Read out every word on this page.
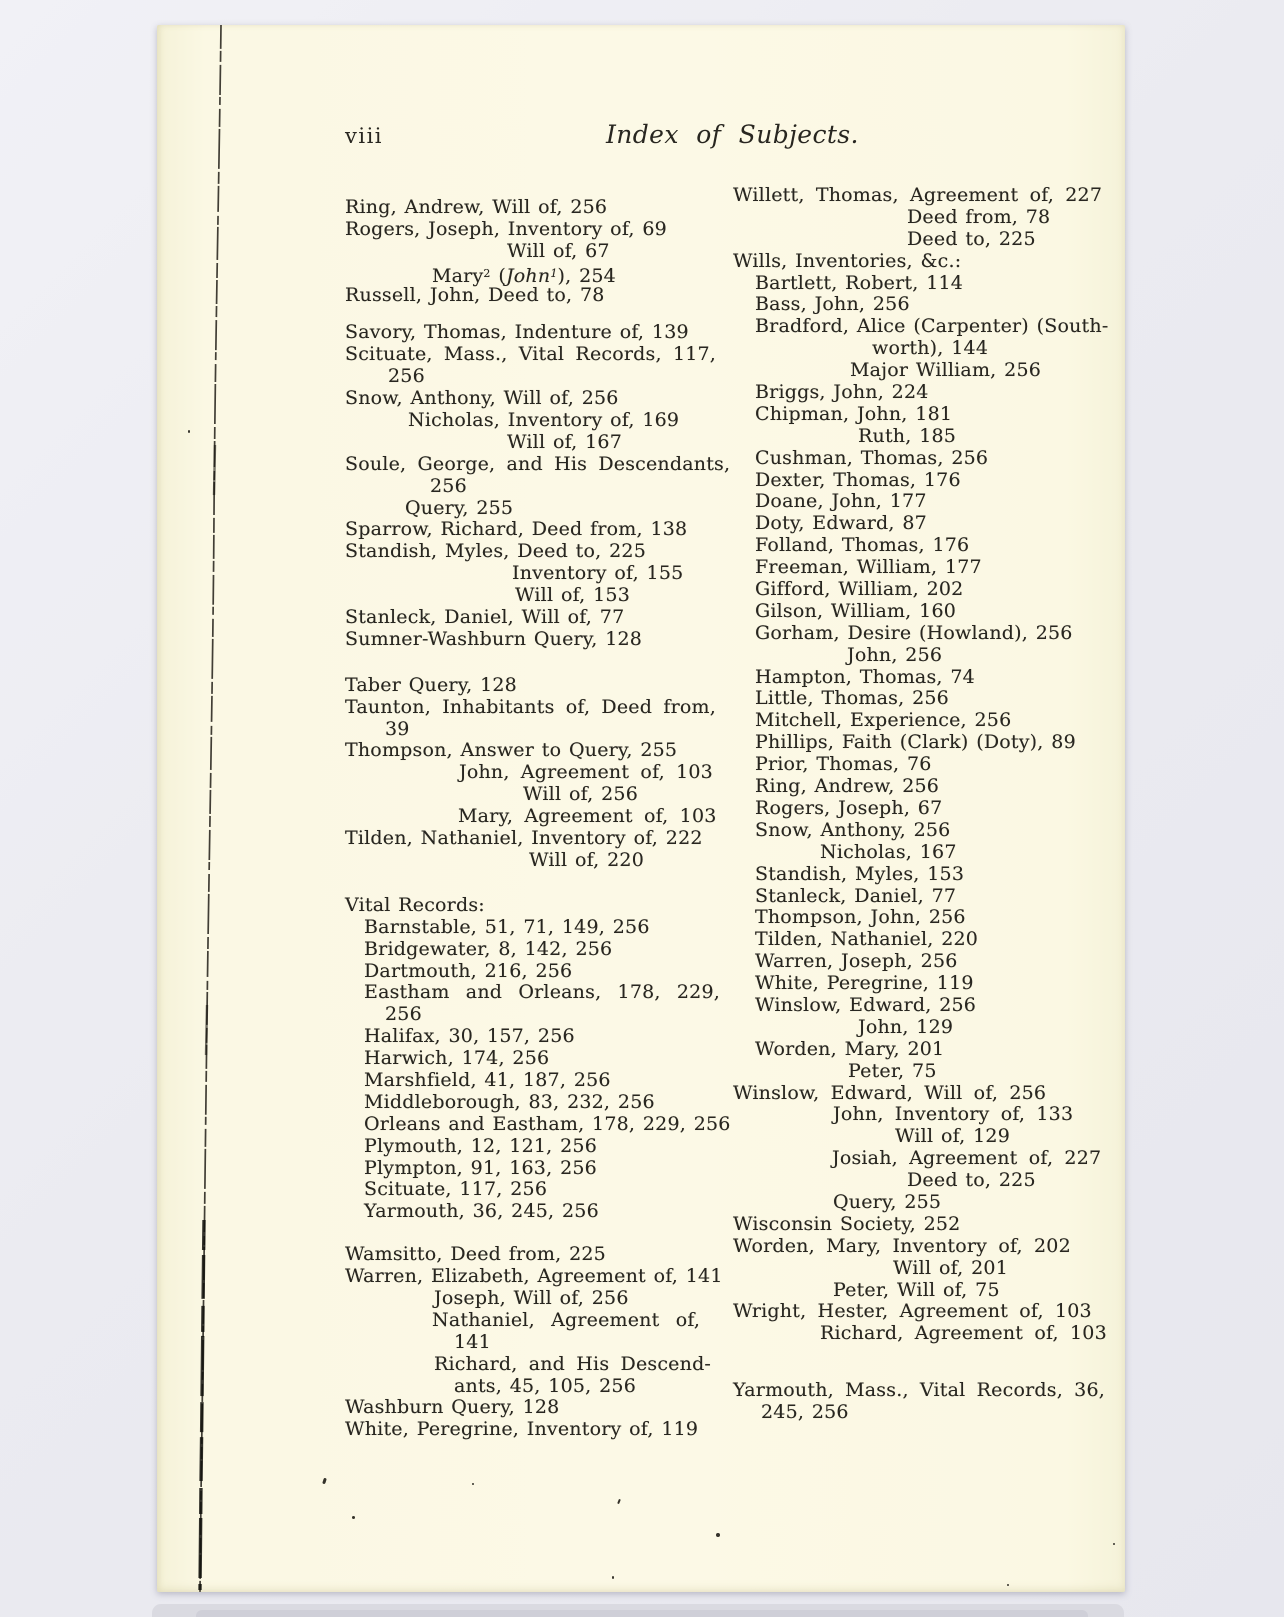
viii	Index of Subjects.
Ring, Andrew, Will of, 256
Rogers, Joseph, Inventory of, 69
Will of, 67
Mary$^2$ (John$^1$), 254
Russell, John, Deed to, 78
Savory, Thomas, Indenture of, 139
Scituate, Mass., Vital Records, 117,
256
Snow, Anthony, Will of, 256
Nicholas, Inventory of, 169
Will of, 167
Soule, George, and His Descendants,
256
Query, 255
Sparrow, Richard, Deed from, 138
Standish, Myles, Deed to, 225
Inventory of, 155
Will of, 153
Stanleck, Daniel, Will of, 77
Sumner-Washburn Query, 128
Taber Query, 128
Taunton, Inhabitants of, Deed from,
39
Thompson, Answer to Query, 255
John, Agreement of, 103
Will of, 256
Mary, Agreement of, 103
Tilden, Nathaniel, Inventory of, 222
Will of, 220
Vital Records:
Barnstable, 51, 71, 149, 256
Bridgewater, 8, 142, 256
Dartmouth, 216, 256
Eastham and Orleans, 178, 229,
256
Halifax, 30, 157, 256
Harwich, 174, 256
Marshfield, 41, 187, 256
Middleborough, 83, 232, 256
Orleans and Eastham, 178, 229, 256
Plymouth, 12, 121, 256
Plympton, 91, 163, 256
Scituate, 117, 256
Yarmouth, 36, 245, 256
Wamsitto, Deed from, 225
Warren, Elizabeth, Agreement of, 141
Joseph, Will of, 256
Nathaniel, Agreement of,
141
Richard, and His Descend-
ants, 45, 105, 256
Washburn Query, 128
White, Peregrine, Inventory of, 119
Willett, Thomas, Agreement of, 227
Deed from, 78
Deed to, 225
Wills, Inventories, &c.:
Bartlett, Robert, 114
Bass, John, 256
Bradford, Alice (Carpenter) (South-
worth), 144
Major William, 256
Briggs, John, 224
Chipman, John, 181
Ruth, 185
Cushman, Thomas, 256
Dexter, Thomas, 176
Doane, John, 177
Doty, Edward, 87
Folland, Thomas, 176
Freeman, William, 177
Gifford, William, 202
Gilson, William, 160
Gorham, Desire (Howland), 256
John, 256
Hampton, Thomas, 74
Little, Thomas, 256
Mitchell, Experience, 256
Phillips, Faith (Clark) (Doty), 89
Prior, Thomas, 76
Ring, Andrew, 256
Rogers, Joseph, 67
Snow, Anthony, 256
Nicholas, 167
Standish, Myles, 153
Stanleck, Daniel, 77
Thompson, John, 256
Tilden, Nathaniel, 220
Warren, Joseph, 256
White, Peregrine, 119
Winslow, Edward, 256
John, 129
Worden, Mary, 201
Peter, 75
Winslow, Edward, Will of, 256
John, Inventory of, 133
Will of, 129
Josiah, Agreement of, 227
Deed to, 225
Query, 255
Wisconsin Society, 252
Worden, Mary, Inventory of, 202
Will of, 201
Peter, Will of, 75
Wright, Hester, Agreement of, 103
Richard, Agreement of, 103
Yarmouth, Mass., Vital Records, 36,
245, 256
